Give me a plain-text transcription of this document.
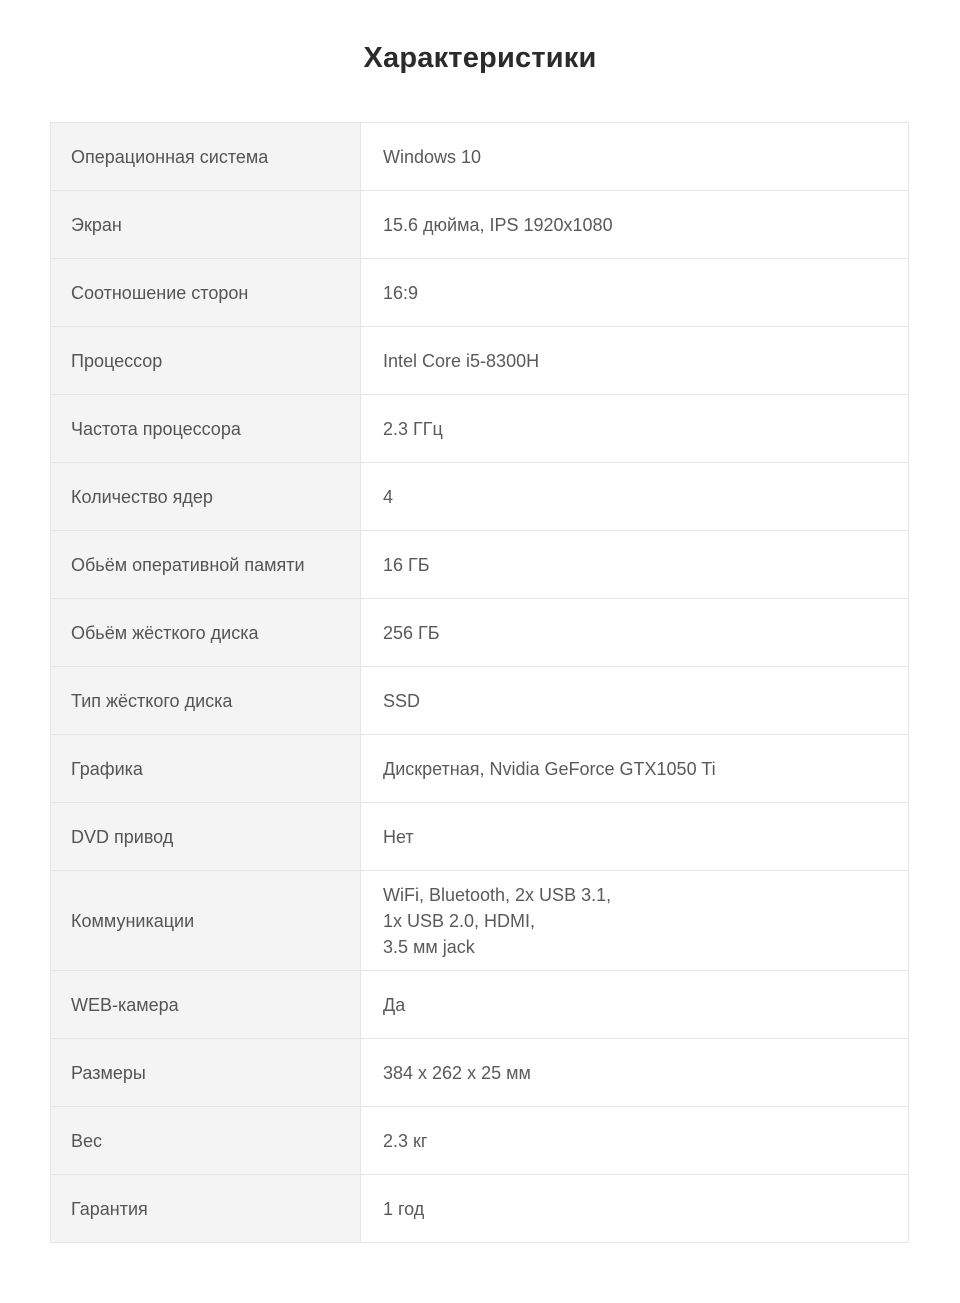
Характеристики
Операционная система	Windows 10
Экран	15.6 дюйма, IPS 1920x1080
Соотношение сторон	16:9
Процессор	Intel Core i5-8300H
Частота процессора	2.3 ГГц
Количество ядер	4
Обьём оперативной памяти	16 ГБ
Обьём жёсткого диска	256 ГБ
Тип жёсткого диска	SSD
Графика	Дискретная, Nvidia GeForce GTX1050 Ti
DVD привод	Нет
Коммуникации	WiFi, Bluetooth, 2x USB 3.1,
1x USB 2.0, HDMI,
3.5 мм jack
WEB-камера	Да
Размеры	384 x 262 x 25 мм
Вес	2.3 кг
Гарантия	1 год
